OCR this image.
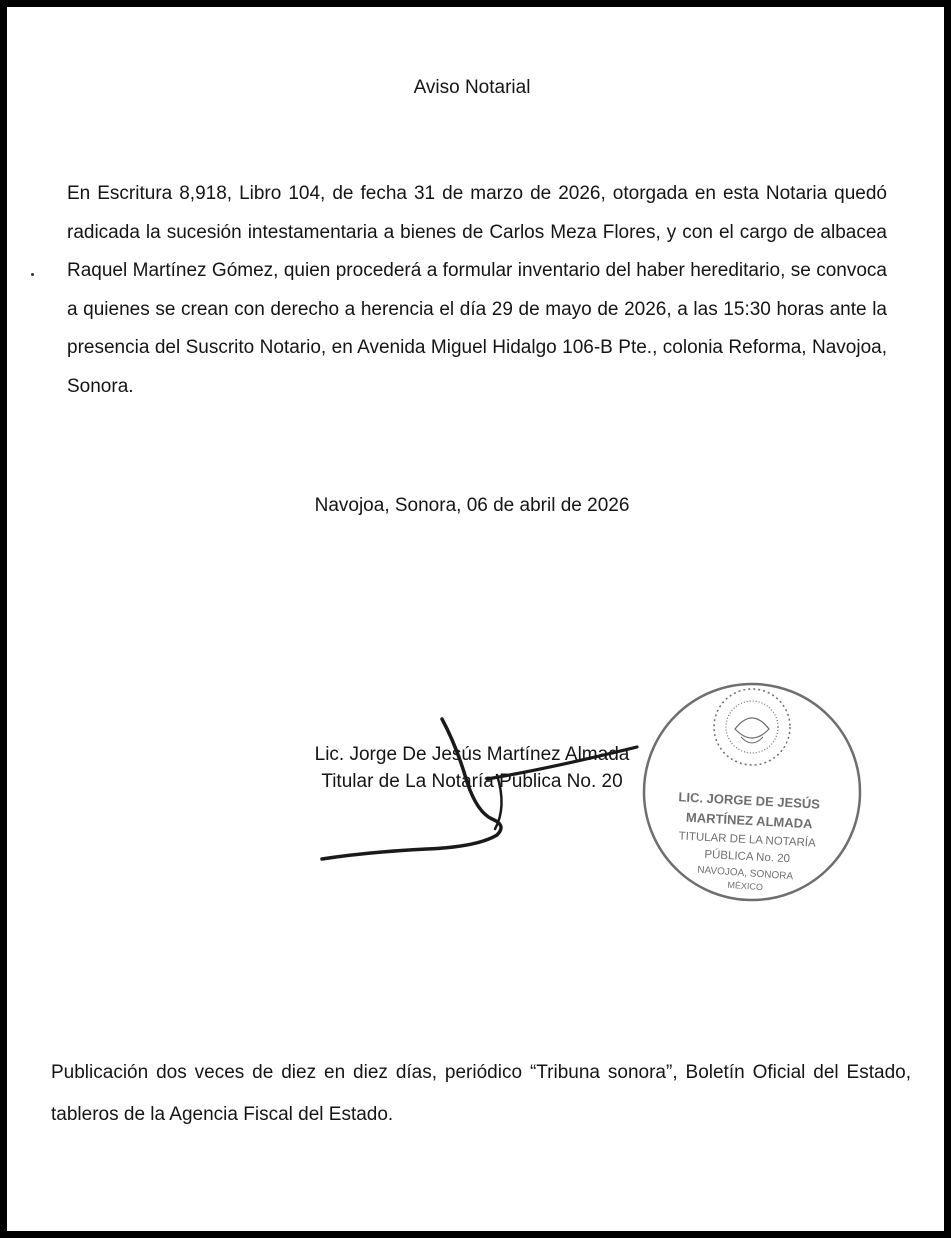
Aviso Notarial
En Escritura 8,918, Libro 104, de fecha 31 de marzo de 2026, otorgada en esta Notaria quedó radicada la sucesión intestamentaria a bienes de Carlos Meza Flores, y con el cargo de albacea Raquel Martínez Gómez, quien procederá a formular inventario del haber hereditario, se convoca a quienes se crean con derecho a herencia el día 29 de mayo de 2026, a las 15:30 horas ante la presencia del Suscrito Notario, en Avenida Miguel Hidalgo 106-B Pte., colonia Reforma, Navojoa, Sonora.
Navojoa, Sonora, 06 de abril de 2026
LIC. JORGE DE JESÚS
MARTÍNEZ ALMADA
TITULAR DE LA NOTARÍA
PÚBLICA No. 20
NAVOJOA, SONORA
MÉXICO
Lic. Jorge De Jesús Martínez Almada
Titular de La Notaría Pública No. 20
Publicación dos veces de diez en diez días, periódico “Tribuna sonora”, Boletín Oficial del Estado, tableros de la Agencia Fiscal del Estado.
